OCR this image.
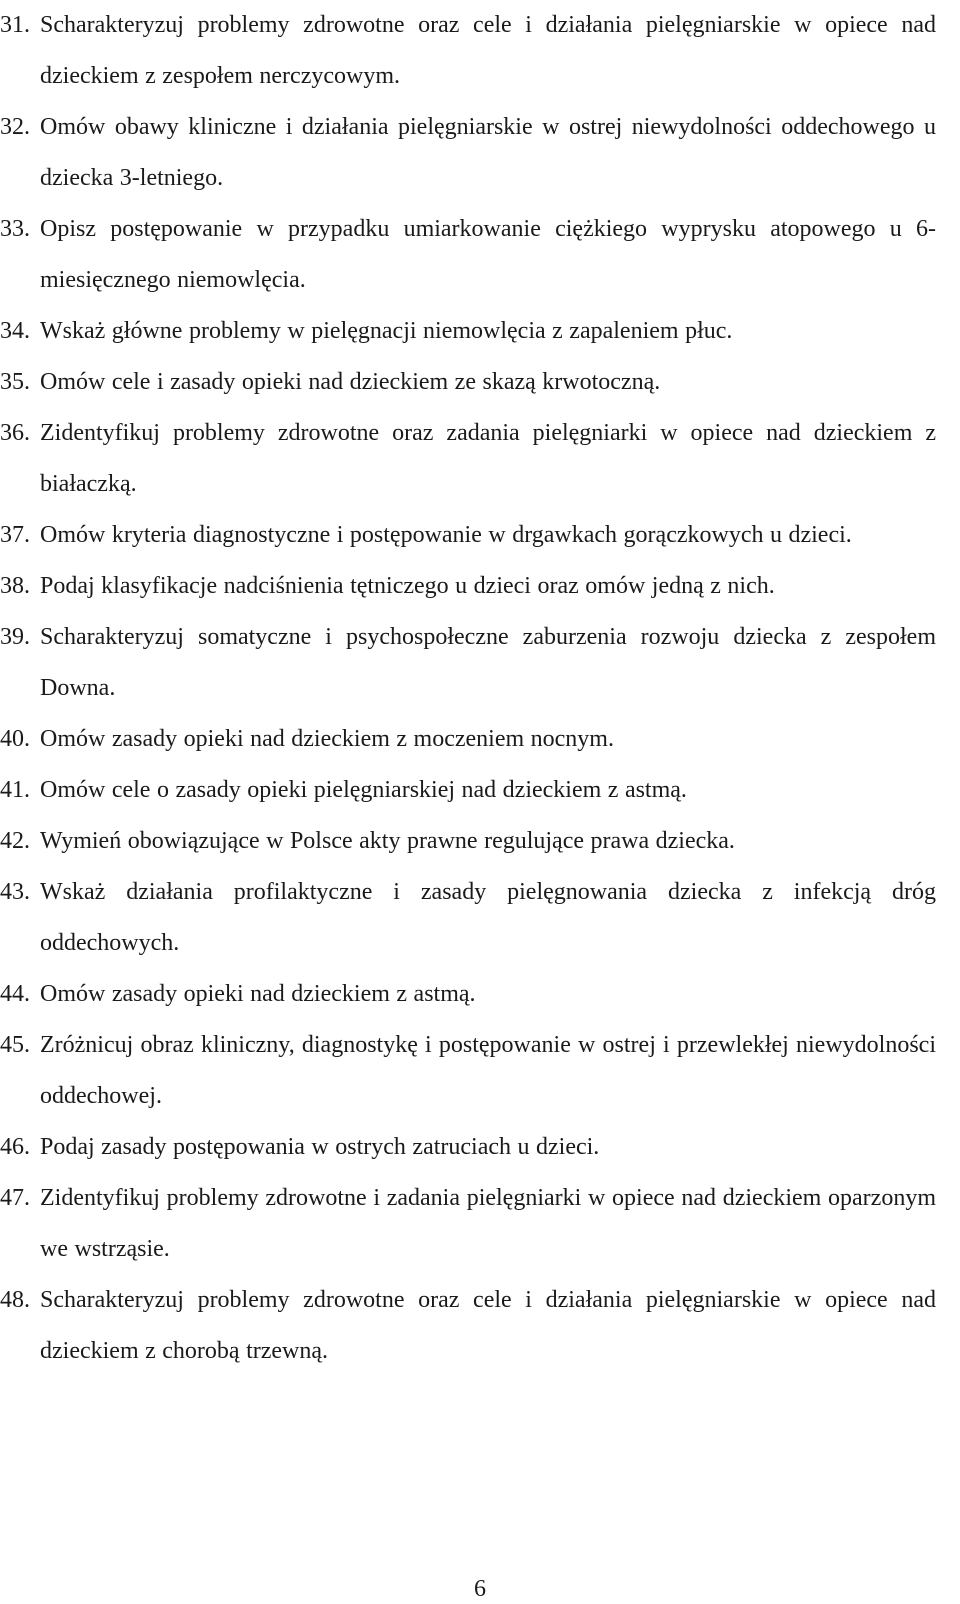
31. Scharakteryzuj problemy zdrowotne oraz cele i działania pielęgniarskie w opiece nad dzieckiem z zespołem nerczycowym.
32. Omów obawy kliniczne i działania pielęgniarskie w ostrej niewydolności oddechowego u dziecka 3-letniego.
33. Opisz postępowanie w przypadku umiarkowanie ciężkiego wyprysku atopowego u 6-miesięcznego niemowlęcia.
34. Wskaż główne problemy w pielęgnacji niemowlęcia z zapaleniem płuc.
35. Omów cele i zasady opieki nad dzieckiem ze skazą krwotoczną.
36. Zidentyfikuj problemy zdrowotne oraz zadania pielęgniarki w opiece nad dzieckiem z białaczką.
37. Omów kryteria diagnostyczne i postępowanie w drgawkach gorączkowych u dzieci.
38. Podaj klasyfikacje nadciśnienia tętniczego u dzieci oraz omów jedną z nich.
39. Scharakteryzuj somatyczne i psychospołeczne zaburzenia rozwoju dziecka z zespołem Downa.
40. Omów zasady opieki nad dzieckiem z moczeniem nocnym.
41. Omów cele o zasady opieki pielęgniarskiej nad dzieckiem z astmą.
42. Wymień obowiązujące w Polsce akty prawne regulujące prawa dziecka.
43. Wskaż działania profilaktyczne i zasady pielęgnowania dziecka z infekcją dróg oddechowych.
44. Omów zasady opieki nad dzieckiem z astmą.
45. Zróżnicuj obraz kliniczny, diagnostykę i postępowanie w ostrej i przewlekłej niewydolności oddechowej.
46. Podaj zasady postępowania w ostrych zatruciach u dzieci.
47. Zidentyfikuj problemy zdrowotne i zadania pielęgniarki w opiece nad dzieckiem oparzonym we wstrząsie.
48. Scharakteryzuj problemy zdrowotne oraz cele i działania pielęgniarskie w opiece nad dzieckiem z chorobą trzewną.
6
